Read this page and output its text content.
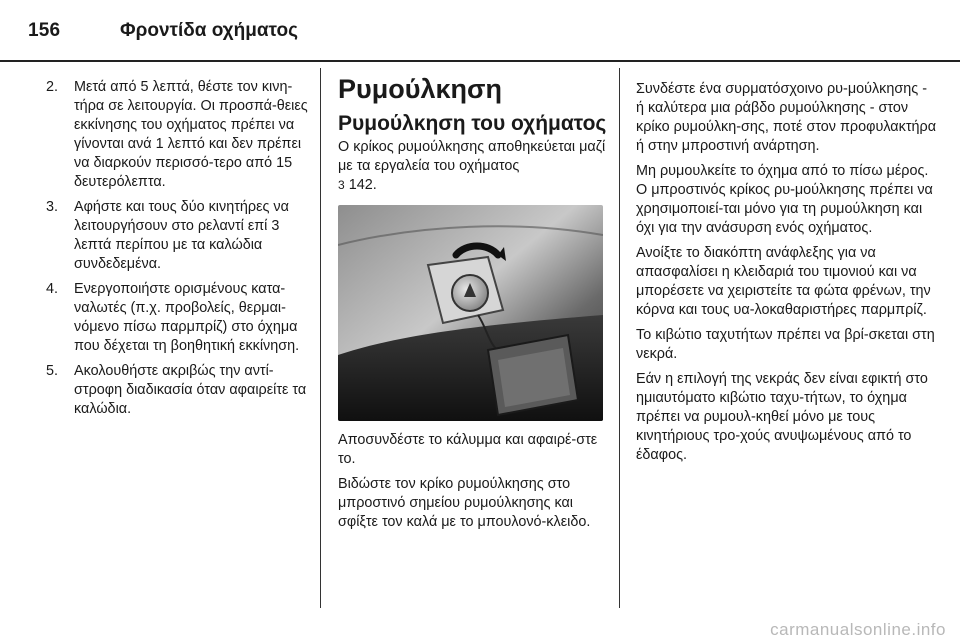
156	Φροντίδα οχήματος
2.	Μετά από 5 λεπτά, θέστε τον κινη-τήρα σε λειτουργία. Οι προσπά-θειες εκκίνησης του οχήματος πρέπει να γίνονται ανά 1 λεπτό και δεν πρέπει να διαρκούν περισσό-τερο από 15 δευτερόλεπτα.
3.	Αφήστε και τους δύο κινητήρες να λειτουργήσουν στο ρελαντί επί 3 λεπτά περίπου με τα καλώδια συνδεδεμένα.
4.	Ενεργοποιήστε ορισμένους κατα-ναλωτές (π.χ. προβολείς, θερμαι-νόμενο πίσω παρμπρίζ) στο όχημα που δέχεται τη βοηθητική εκκίνηση.
5.	Ακολουθήστε ακριβώς την αντί-στροφη διαδικασία όταν αφαιρείτε τα καλώδια.
Ρυμούλκηση
Ρυμούλκηση του οχήματος

Ο κρίκος ρυμούλκησης αποθηκεύεται μαζί με τα εργαλεία του οχήματος
3 142.

Αποσυνδέστε το κάλυμμα και αφαιρέ-στε το.

Βιδώστε τον κρίκο ρυμούλκησης στο μπροστινό σημείου ρυμούλκησης και σφίξτε τον καλά με το μπουλονό-κλειδο.

Συνδέστε ένα συρματόσχοινο ρυ-μούλκησης - ή καλύτερα μια ράβδο ρυμούλκησης - στον κρίκο ρυμούλκη-σης, ποτέ στον προφυλακτήρα ή στην μπροστινή ανάρτηση.

Μη ρυμουλκείτε το όχημα από το πίσω μέρος. Ο μπροστινός κρίκος ρυ-μούλκησης πρέπει να χρησιμοποιεί-ται μόνο για τη ρυμούλκηση και όχι για την ανάσυρση ενός οχήματος.

Ανοίξτε το διακόπτη ανάφλεξης για να απασφαλίσει η κλειδαριά του τιμονιού και να μπορέσετε να χειριστείτε τα φώτα φρένων, την κόρνα και τους υα-λοκαθαριστήρες παρμπρίζ.

Το κιβώτιο ταχυτήτων πρέπει να βρί-σκεται στη νεκρά.

Εάν η επιλογή της νεκράς δεν είναι εφικτή στο ημιαυτόματο κιβώτιο ταχυ-τήτων, το όχημα πρέπει να ρυμουλ-κηθεί μόνο με τους κινητήριους τρο-χούς ανυψωμένους από το έδαφος.

carmanualsonline.info
